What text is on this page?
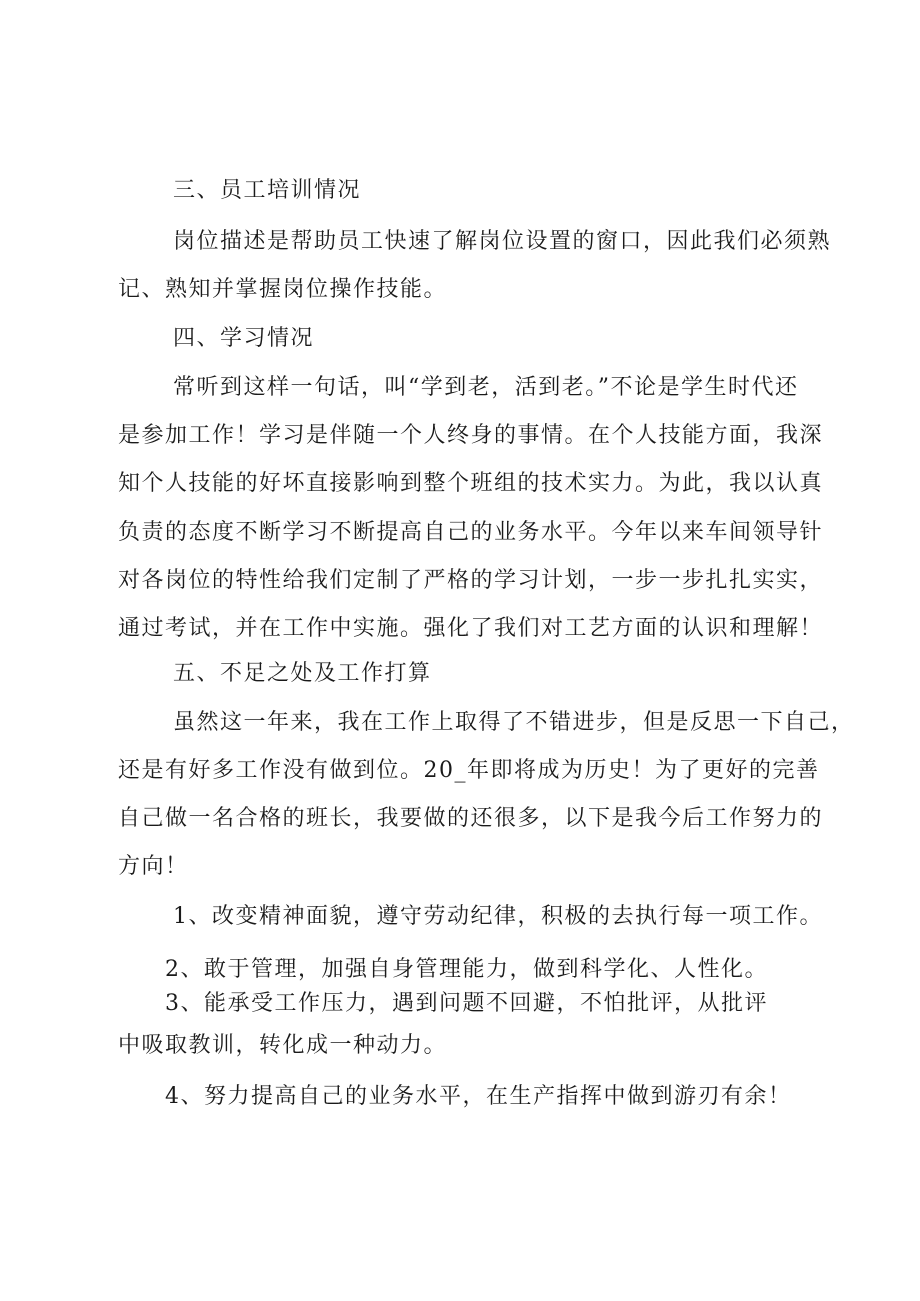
三、员工培训情况
岗位描述是帮助员工快速了解岗位设置的窗口，因此我们必须熟
记、熟知并掌握岗位操作技能。
四、学习情况
常听到这样一句话，叫“学到老，活到老。”不论是学生时代还
是参加工作！学习是伴随一个人终身的事情。在个人技能方面，我深
知个人技能的好坏直接影响到整个班组的技术实力。为此，我以认真
负责的态度不断学习不断提高自己的业务水平。今年以来车间领导针
对各岗位的特性给我们定制了严格的学习计划，一步一步扎扎实实，
通过考试，并在工作中实施。强化了我们对工艺方面的认识和理解！
五、不足之处及工作打算
虽然这一年来，我在工作上取得了不错进步，但是反思一下自己，
还是有好多工作没有做到位。20_年即将成为历史！为了更好的完善
自己做一名合格的班长，我要做的还很多，以下是我今后工作努力的
方向！
1、改变精神面貌，遵守劳动纪律，积极的去执行每一项工作。
2、敢于管理，加强自身管理能力，做到科学化、人性化。
3、能承受工作压力，遇到问题不回避，不怕批评，从批评
中吸取教训，转化成一种动力。
4、努力提高自己的业务水平，在生产指挥中做到游刃有余！
